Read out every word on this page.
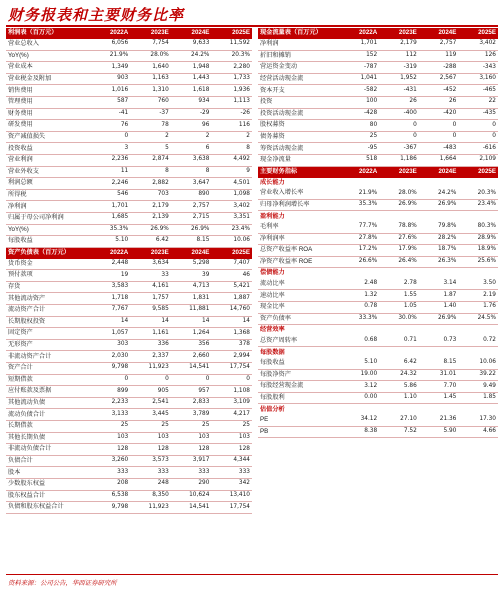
财务报表和主要财务比率
利润表（百万元）	2022A	2023E	2024E	2025E
营业总收入	6,056	7,754	9,633	11,592
YoY(%)	21.9%	28.0%	24.2%	20.3%
营业成本	1,349	1,640	1,948	2,280
营业税金及附加	903	1,163	1,443	1,733
销售费用	1,016	1,310	1,618	1,936
管理费用	587	760	934	1,113
财务费用	-41	-37	-29	-26
研发费用	76	78	96	116
资产减值损失	0	2	2	2
投资收益	3	5	6	8
营业利润	2,236	2,874	3,638	4,492
营业外收支	11	8	8	9
利润总额	2,246	2,882	3,647	4,501
所得税	546	703	890	1,098
净利润	1,701	2,179	2,757	3,402
归属于母公司净利润	1,685	2,139	2,715	3,351
YoY(%)	35.3%	26.9%	26.9%	23.4%
每股收益	5.10	6.42	8.15	10.06
资产负债表（百万元）	2022A	2023E	2024E	2025E
货币资金	2,448	3,634	5,298	7,407
预付款项	19	33	39	46
存货	3,583	4,161	4,713	5,421
其他流动资产	1,718	1,757	1,831	1,887
流动资产合计	7,767	9,585	11,881	14,760
长期股权投资	14	14	14	14
固定资产	1,057	1,161	1,264	1,368
无形资产	303	336	356	378
非流动资产合计	2,030	2,337	2,660	2,994
资产合计	9,798	11,923	14,541	17,754
短期借款	0	0	0	0
应付账款及票据	899	905	957	1,108
其他流动负债	2,233	2,541	2,833	3,109
流动负债合计	3,133	3,445	3,789	4,217
长期借款	25	25	25	25
其他长期负债	103	103	103	103
非流动负债合计	128	128	128	128
负债合计	3,260	3,573	3,917	4,344
股本	333	333	333	333
少数股东权益	208	248	290	342
股东权益合计	6,538	8,350	10,624	13,410
负债和股东权益合计	9,798	11,923	14,541	17,754
现金流量表（百万元）	2022A	2023E	2024E	2025E
净利润	1,701	2,179	2,757	3,402
折旧和摊销	152	112	119	126
营运资金变动	-787	-319	-288	-343
经营活动现金流	1,041	1,952	2,567	3,160
资本开支	-582	-431	-452	-465
投资	100	26	26	22
投资活动现金流	-428	-400	-420	-435
股权募资	80	0	0	0
债务募资	25	0	0	0
筹资活动现金流	-95	-367	-483	-616
现金净流量	518	1,186	1,664	2,109
主要财务指标	2022A	2023E	2024E	2025E
成长能力				
营业收入增长率	21.9%	28.0%	24.2%	20.3%
归母净利润增长率	35.3%	26.9%	26.9%	23.4%
盈利能力				
毛利率	77.7%	78.8%	79.8%	80.3%
净利润率	27.8%	27.6%	28.2%	28.9%
总资产收益率 ROA	17.2%	17.9%	18.7%	18.9%
净资产收益率 ROE	26.6%	26.4%	26.3%	25.6%
偿债能力				
流动比率	2.48	2.78	3.14	3.50
速动比率	1.32	1.55	1.87	2.19
现金比率	0.78	1.05	1.40	1.76
资产负债率	33.3%	30.0%	26.9%	24.5%
经营效率				
总资产周转率	0.68	0.71	0.73	0.72
每股数据				
每股收益	5.10	6.42	8.15	10.06
每股净资产	19.00	24.32	31.01	39.22
每股经营现金流	3.12	5.86	7.70	9.49
每股股利	0.00	1.10	1.45	1.85
估值分析				
PE	34.12	27.10	21.36	17.30
PB	8.38	7.52	5.90	4.66
资料来源：公司公告，华西证券研究所
